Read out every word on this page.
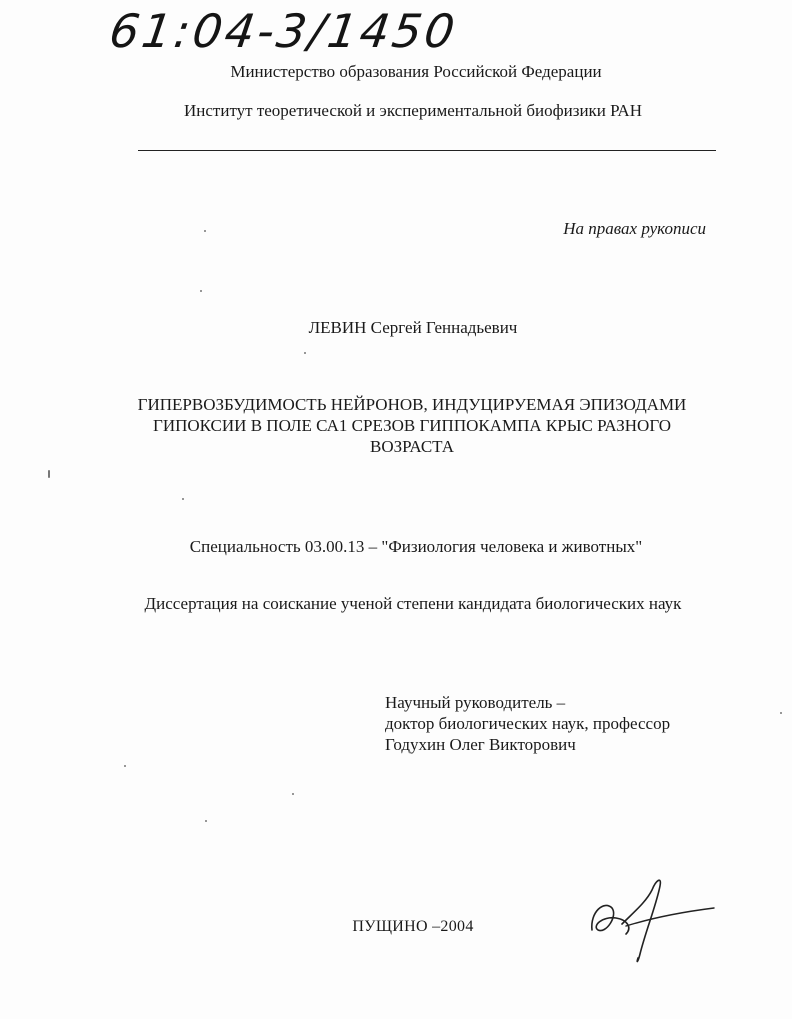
61:04-3/1450
Министерство образования Российской Федерации
Институт теоретической и экспериментальной биофизики РАН
На правах рукописи
ЛЕВИН Сергей Геннадьевич
ГИПЕРВОЗБУДИМОСТЬ НЕЙРОНОВ, ИНДУЦИРУЕМАЯ ЭПИЗОДАМИ
ГИПОКСИИ В ПОЛЕ СА1 СРЕЗОВ ГИППОКАМПА КРЫС РАЗНОГО
ВОЗРАСТА
Специальность 03.00.13 – "Физиология человека и животных"
Диссертация на соискание ученой степени кандидата биологических наук
Научный руководитель –
доктор биологических наук, профессор
Годухин Олег Викторович
ПУЩИНО –2004
